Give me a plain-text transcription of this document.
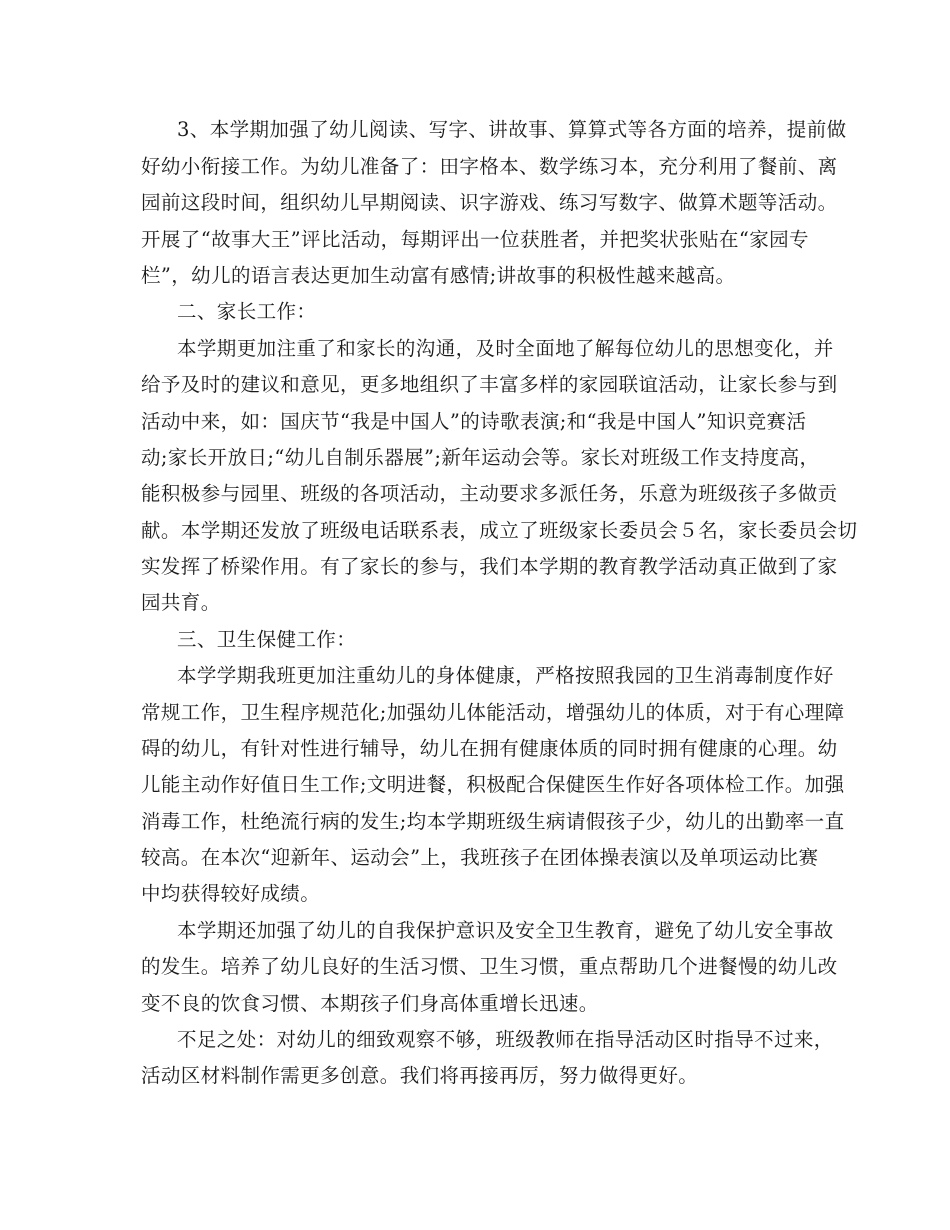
3、本学期加强了幼儿阅读、写字、讲故事、算算式等各方面的培养，提前做
好幼小衔接工作。为幼儿准备了：田字格本、数学练习本，充分利用了餐前、离
园前这段时间，组织幼儿早期阅读、识字游戏、练习写数字、做算术题等活动。
开展了“故事大王”评比活动，每期评出一位获胜者，并把奖状张贴在“家园专
栏”，幼儿的语言表达更加生动富有感情;讲故事的积极性越来越高。
二、家长工作：
本学期更加注重了和家长的沟通，及时全面地了解每位幼儿的思想变化，并
给予及时的建议和意见，更多地组织了丰富多样的家园联谊活动，让家长参与到
活动中来，如：国庆节“我是中国人”的诗歌表演;和“我是中国人”知识竞赛活
动;家长开放日;“幼儿自制乐器展”;新年运动会等。家长对班级工作支持度高，
能积极参与园里、班级的各项活动，主动要求多派任务，乐意为班级孩子多做贡
献。本学期还发放了班级电话联系表，成立了班级家长委员会５名，家长委员会切
实发挥了桥梁作用。有了家长的参与，我们本学期的教育教学活动真正做到了家
园共育。
三、卫生保健工作：
本学学期我班更加注重幼儿的身体健康，严格按照我园的卫生消毒制度作好
常规工作，卫生程序规范化;加强幼儿体能活动，增强幼儿的体质，对于有心理障
碍的幼儿，有针对性进行辅导，幼儿在拥有健康体质的同时拥有健康的心理。幼
儿能主动作好值日生工作;文明进餐，积极配合保健医生作好各项体检工作。加强
消毒工作，杜绝流行病的发生;均本学期班级生病请假孩子少，幼儿的出勤率一直
较高。在本次“迎新年、运动会”上，我班孩子在团体操表演以及单项运动比赛
中均获得较好成绩。
本学期还加强了幼儿的自我保护意识及安全卫生教育，避免了幼儿安全事故
的发生。培养了幼儿良好的生活习惯、卫生习惯，重点帮助几个进餐慢的幼儿改
变不良的饮食习惯、本期孩子们身高体重增长迅速。
不足之处：对幼儿的细致观察不够，班级教师在指导活动区时指导不过来，
活动区材料制作需更多创意。我们将再接再厉，努力做得更好。
